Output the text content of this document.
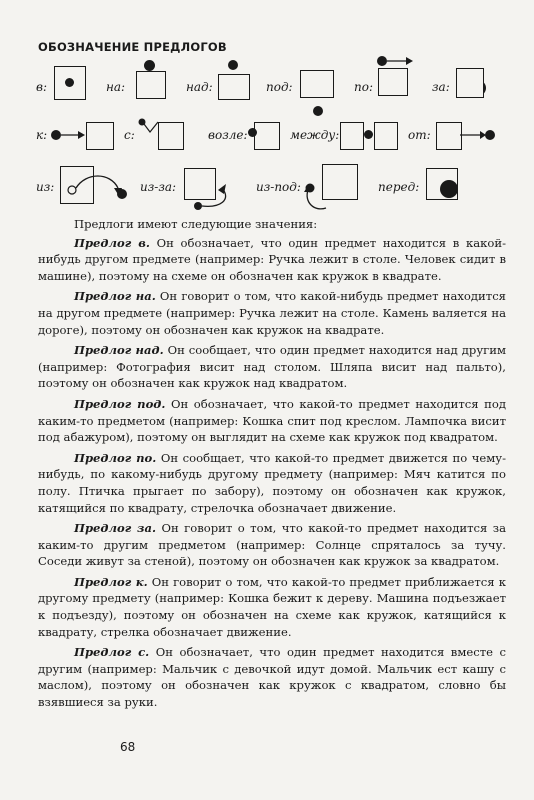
ОБОЗНАЧЕНИЕ ПРЕДЛОГОВ
в:	на:	над:	под:	по:	за:
к:	с:	возле:	между:	от:
из:	из-за:	из-под:	перед:

Предлоги имеют следующие значения:

Предлог в. Он обозначает, что один предмет находится в какой-нибудь другом предмете (например: Ручка лежит в столе. Человек сидит в машине), поэтому на схеме он обозначен как кружок в квадрате.

Предлог на. Он говорит о том, что какой-нибудь предмет находится на другом предмете (например: Ручка лежит на столе. Камень валяется на дороге), поэтому он обозначен как кружок на квадрате.

Предлог над. Он сообщает, что один предмет находится над другим (например: Фотография висит над столом. Шляпа висит над пальто), поэтому он обозначен как кружок над квадратом.

Предлог под. Он обозначает, что какой-то предмет находится под каким-то предметом (например: Кошка спит под креслом. Лампочка висит под абажуром), поэтому он выглядит на схеме как кружок под квадратом.

Предлог по. Он сообщает, что какой-то предмет движется по чему-нибудь, по какому-нибудь другому предмету (например: Мяч катится по полу. Птичка прыгает по забору), поэтому он обозначен как кружок, катящийся по квадрату, стрелочка обозначает движение.

Предлог за. Он говорит о том, что какой-то предмет находится за каким-то другим предметом (например: Солнце спряталось за тучу. Соседи живут за стеной), поэтому он обозначен как кружок за квадратом.

Предлог к. Он говорит о том, что какой-то предмет приближается к другому предмету (например: Кошка бежит к дереву. Машина подъезжает к подъезду), поэтому он обозначен на схеме как кружок, катящийся к квадрату, стрелка обозначает движение.

Предлог с. Он обозначает, что один предмет находится вместе с другим (например: Мальчик с девочкой идут домой. Мальчик ест кашу с маслом), поэтому он обозначен как кружок с квадратом, словно бы взявшиеся за руки.

68
